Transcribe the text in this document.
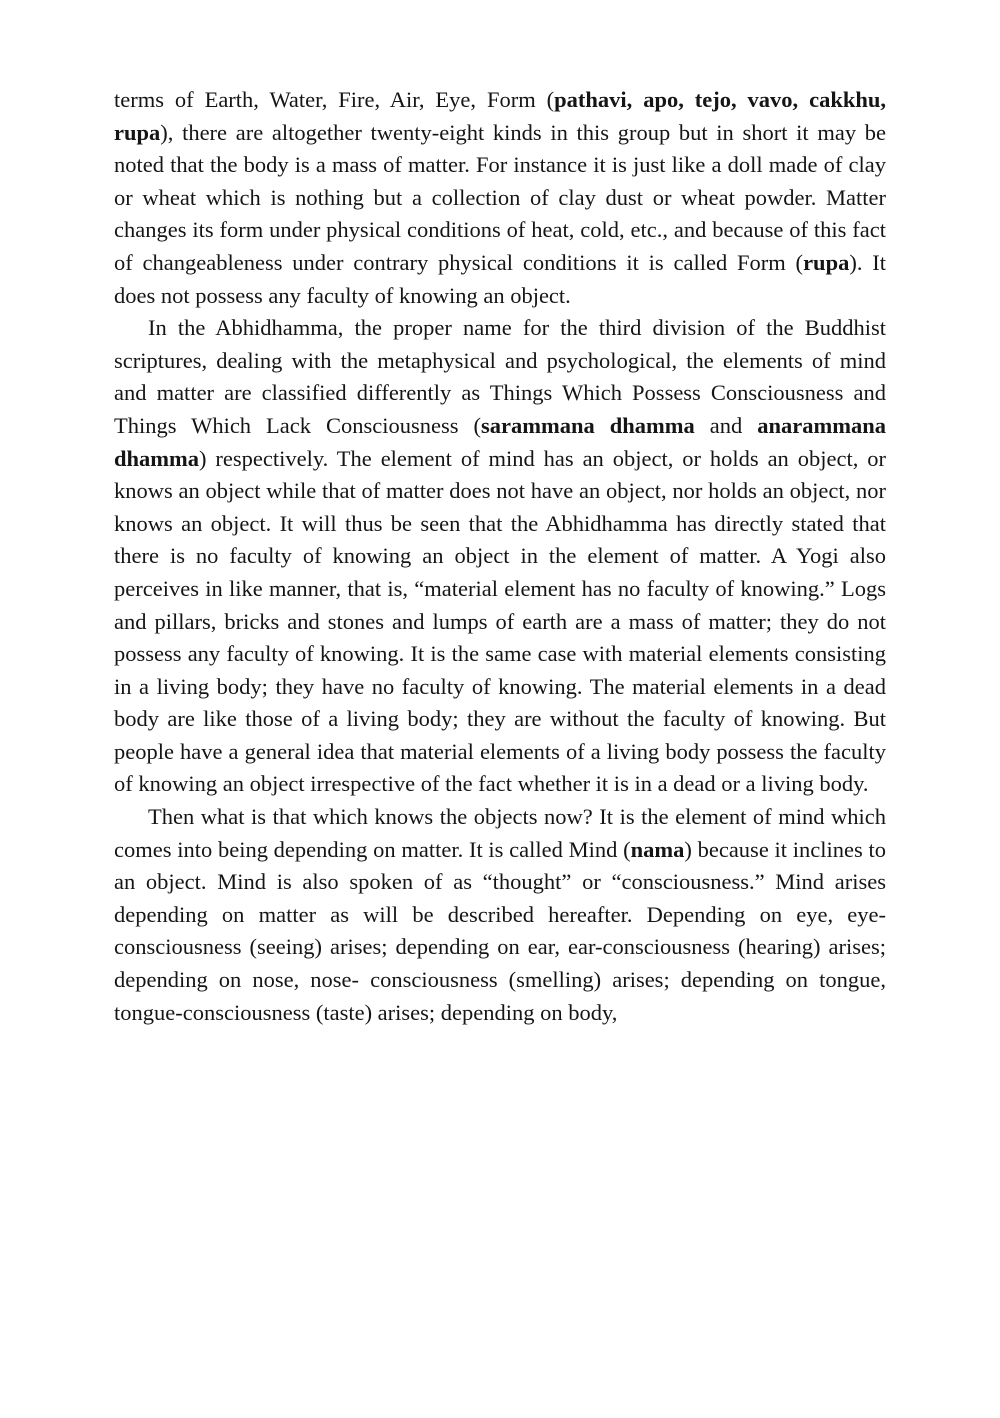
terms of Earth, Water, Fire, Air, Eye, Form (pathavi, apo, tejo, vavo, cakkhu, rupa), there are altogether twenty-eight kinds in this group but in short it may be noted that the body is a mass of matter. For instance it is just like a doll made of clay or wheat which is nothing but a collection of clay dust or wheat powder. Matter changes its form under physical conditions of heat, cold, etc., and because of this fact of changeableness under contrary physical conditions it is called Form (rupa). It does not possess any faculty of knowing an object.

In the Abhidhamma, the proper name for the third division of the Buddhist scriptures, dealing with the metaphysical and psychological, the elements of mind and matter are classified differently as Things Which Possess Consciousness and Things Which Lack Consciousness (sarammana dhamma and anarammana dhamma) respectively. The element of mind has an object, or holds an object, or knows an object while that of matter does not have an object, nor holds an object, nor knows an object. It will thus be seen that the Abhidhamma has directly stated that there is no faculty of knowing an object in the element of matter. A Yogi also perceives in like manner, that is, “material element has no faculty of knowing.” Logs and pillars, bricks and stones and lumps of earth are a mass of matter; they do not possess any faculty of knowing. It is the same case with material elements consisting in a living body; they have no faculty of knowing. The material elements in a dead body are like those of a living body; they are without the faculty of knowing. But people have a general idea that material elements of a living body possess the faculty of knowing an object irrespective of the fact whether it is in a dead or a living body.

Then what is that which knows the objects now? It is the element of mind which comes into being depending on matter. It is called Mind (nama) because it inclines to an object. Mind is also spoken of as “thought” or “consciousness.” Mind arises depending on matter as will be described hereafter. Depending on eye, eye- consciousness (seeing) arises; depending on ear, ear-consciousness (hearing) arises; depending on nose, nose- consciousness (smelling) arises; depending on tongue, tongue-consciousness (taste) arises; depending on body,
